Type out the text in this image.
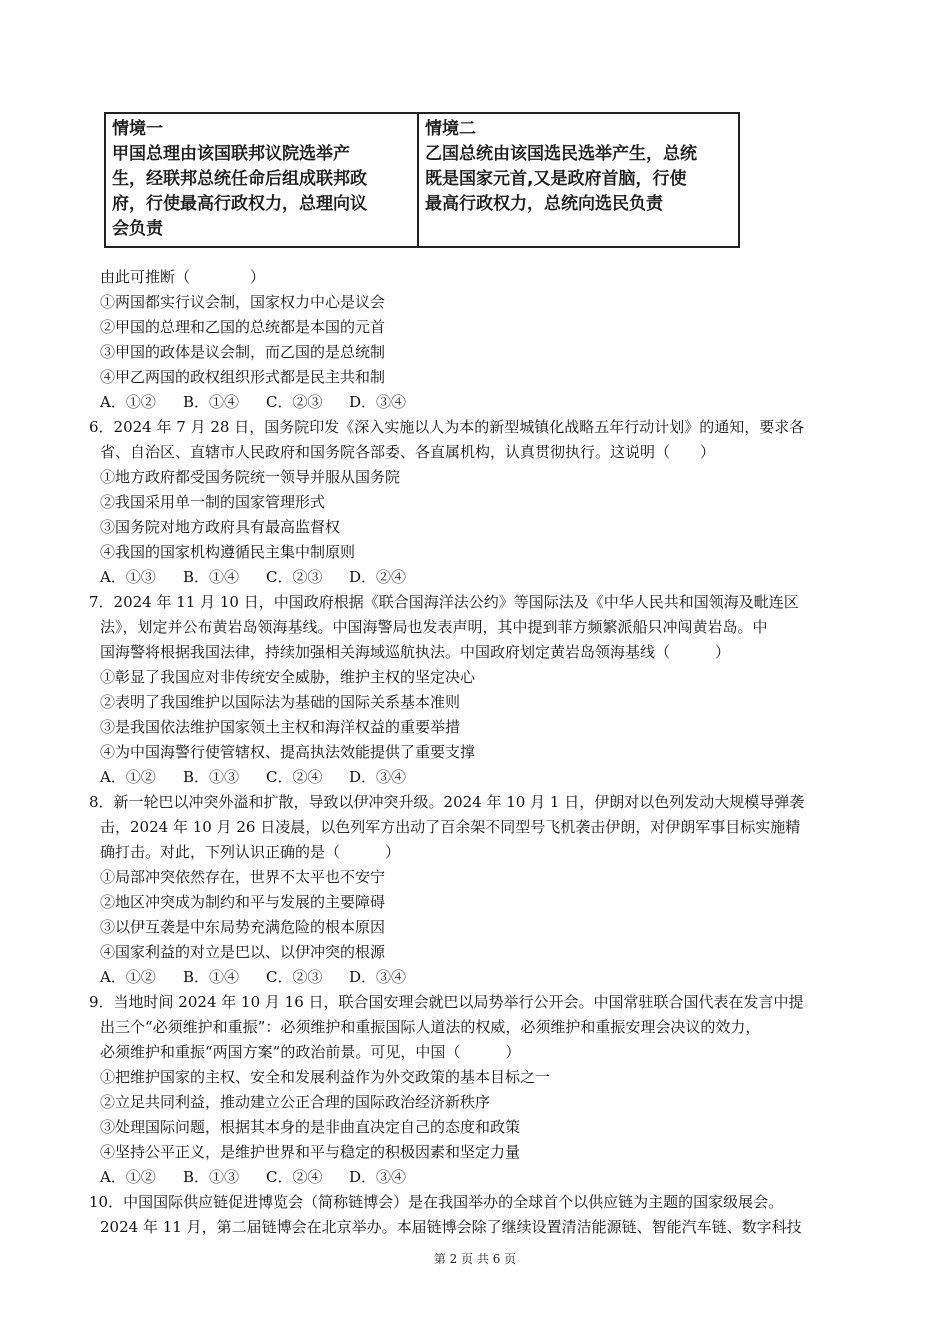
情境一
甲国总理由该国联邦议院选举产
生，经联邦总统任命后组成联邦政
府，行使最高行政权力，总理向议
会负责
情境二
乙国总统由该国选民选举产生，总统
既是国家元首,又是政府首脑，行使
最高行政权力，总统向选民负责
由此可推断（　　　　）
①两国都实行议会制，国家权力中心是议会
②甲国的总理和乙国的总统都是本国的元首
③甲国的政体是议会制，而乙国的是总统制
④甲乙两国的政权组织形式都是民主共和制
A．①② B．①④ C．②③ D．③④
6．2024 年 7 月 28 日，国务院印发《深入实施以人为本的新型城镇化战略五年行动计划》的通知，要求各
省、自治区、直辖市人民政府和国务院各部委、各直属机构，认真贯彻执行。这说明（　　）
①地方政府都受国务院统一领导并服从国务院
②我国采用单一制的国家管理形式
③国务院对地方政府具有最高监督权
④我国的国家机构遵循民主集中制原则
A．①③ B．①④ C．②③ D．②④
7．2024 年 11 月 10 日，中国政府根据《联合国海洋法公约》等国际法及《中华人民共和国领海及毗连区
法》，划定并公布黄岩岛领海基线。中国海警局也发表声明，其中提到菲方频繁派船只冲闯黄岩岛。中
国海警将根据我国法律，持续加强相关海域巡航执法。中国政府划定黄岩岛领海基线（　　　）
①彰显了我国应对非传统安全威胁，维护主权的坚定决心
②表明了我国维护以国际法为基础的国际关系基本准则
③是我国依法维护国家领土主权和海洋权益的重要举措
④为中国海警行使管辖权、提高执法效能提供了重要支撑
A．①② B．①③ C．②④ D．③④
8．新一轮巴以冲突外溢和扩散，导致以伊冲突升级。2024 年 10 月 1 日，伊朗对以色列发动大规模导弹袭
击，2024 年 10 月 26 日凌晨，以色列军方出动了百余架不同型号飞机袭击伊朗，对伊朗军事目标实施精
确打击。对此，下列认识正确的是（　　　）
①局部冲突依然存在，世界不太平也不安宁
②地区冲突成为制约和平与发展的主要障碍
③以伊互袭是中东局势充满危险的根本原因
④国家利益的对立是巴以、以伊冲突的根源
A．①② B．①④ C．②③ D．③④
9．当地时间 2024 年 10 月 16 日，联合国安理会就巴以局势举行公开会。中国常驻联合国代表在发言中提
出三个“必须维护和重振”：必须维护和重振国际人道法的权威，必须维护和重振安理会决议的效力，
必须维护和重振“两国方案”的政治前景。可见，中国（　　　）
①把维护国家的主权、安全和发展利益作为外交政策的基本目标之一
②立足共同利益，推动建立公正合理的国际政治经济新秩序
③处理国际问题，根据其本身的是非曲直决定自己的态度和政策
④坚持公平正义，是维护世界和平与稳定的积极因素和坚定力量
A．①② B．①③ C．②④ D．③④
10．中国国际供应链促进博览会（简称链博会）是在我国举办的全球首个以供应链为主题的国家级展会。
2024 年 11 月，第二届链博会在北京举办。本届链博会除了继续设置清洁能源链、智能汽车链、数字科技
第 2 页 共 6 页
